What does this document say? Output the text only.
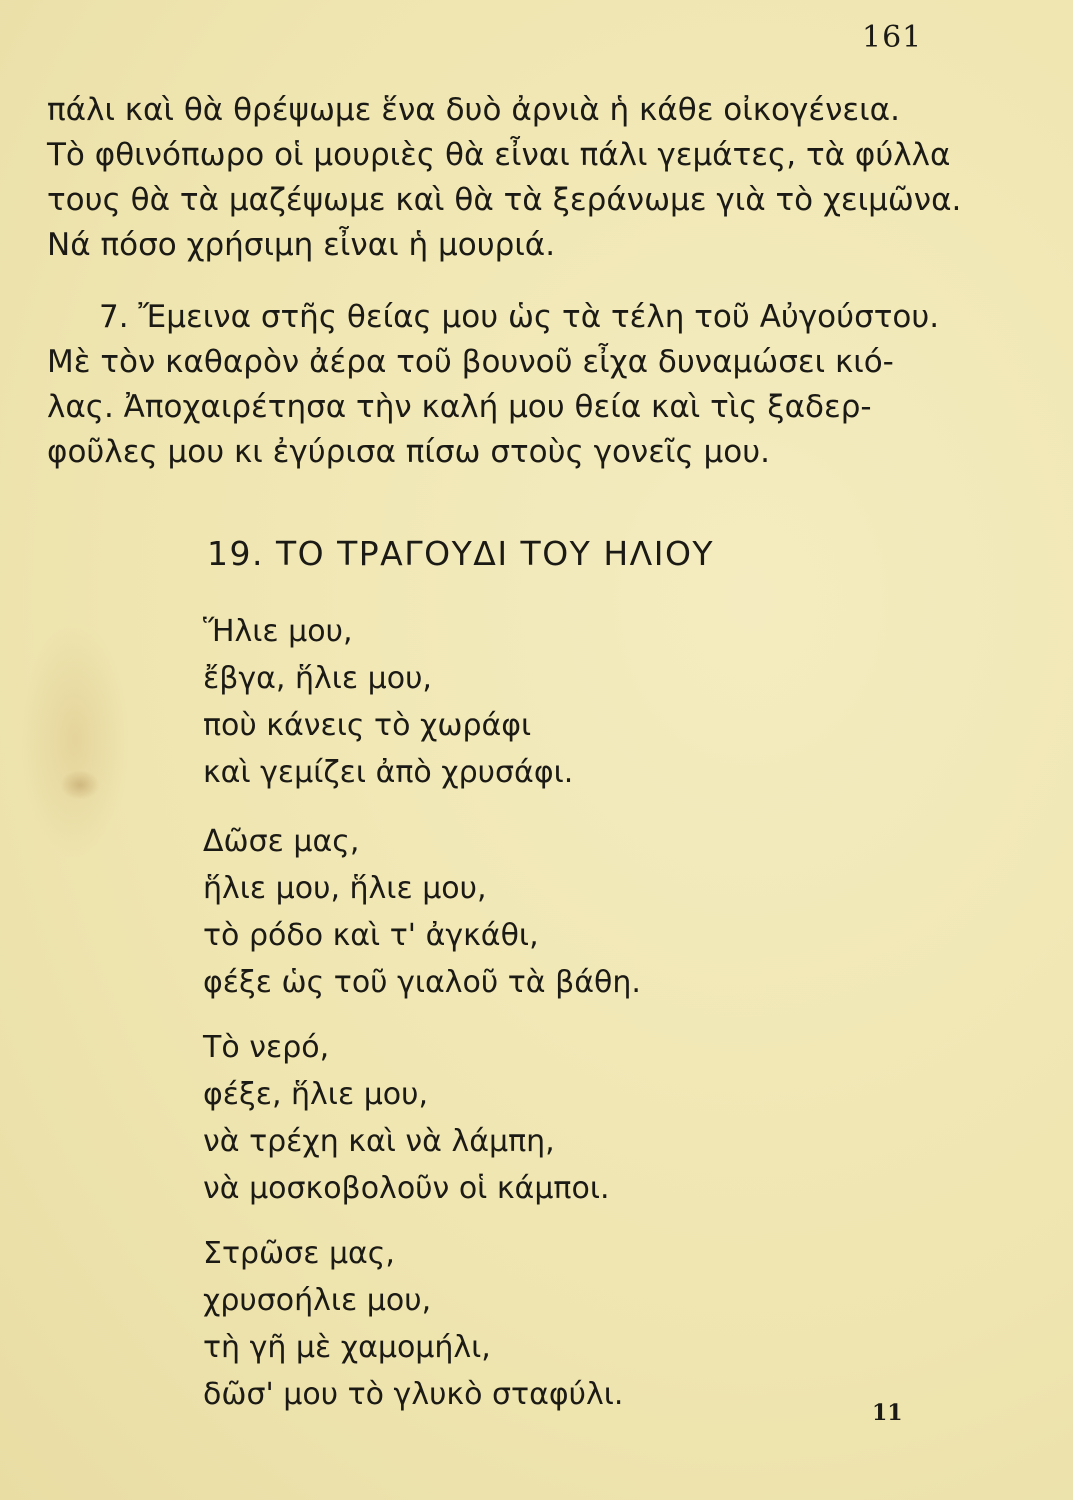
161

πάλι καὶ θὰ θρέψωμε ἕνα δυὸ ἀρνιὰ ἡ κάθε οἰκογένεια.
Τὸ φθινόπωρο οἱ μουριὲς θὰ εἶναι πάλι γεμάτες, τὰ φύλλα
τους θὰ τὰ μαζέψωμε καὶ θὰ τὰ ξεράνωμε γιὰ τὸ χειμῶνα.
Νά πόσο χρήσιμη εἶναι ἡ μουριά.

7. Ἔμεινα στῆς θείας μου ὡς τὰ τέλη τοῦ Αὐγούστου.
Μὲ τὸν καθαρὸν ἀέρα τοῦ βουνοῦ εἶχα δυναμώσει κιό-
λας. Ἀποχαιρέτησα τὴν καλή μου θεία καὶ τὶς ξαδερ-
φοῦλες μου κι ἐγύρισα πίσω στοὺς γονεῖς μου.

19. ΤΟ ΤΡΑΓΟΥΔΙ ΤΟΥ ΗΛΙΟΥ
Ἥλιε μου,
ἔβγα, ἥλιε μου,
ποὺ κάνεις τὸ χωράφι
καὶ γεμίζει ἀπὸ χρυσάφι.
Δῶσε μας,
ἥλιε μου, ἥλιε μου,
τὸ ρόδο καὶ τ' ἀγκάθι,
φέξε ὡς τοῦ γιαλοῦ τὰ βάθη.
Τὸ νερό,
φέξε, ἥλιε μου,
νὰ τρέχη καὶ νὰ λάμπη,
νὰ μοσκοβολοῦν οἱ κάμποι.
Στρῶσε μας,
χρυσοήλιε μου,
τὴ γῆ μὲ χαμομήλι,
δῶσ' μου τὸ γλυκὸ σταφύλι.
11
